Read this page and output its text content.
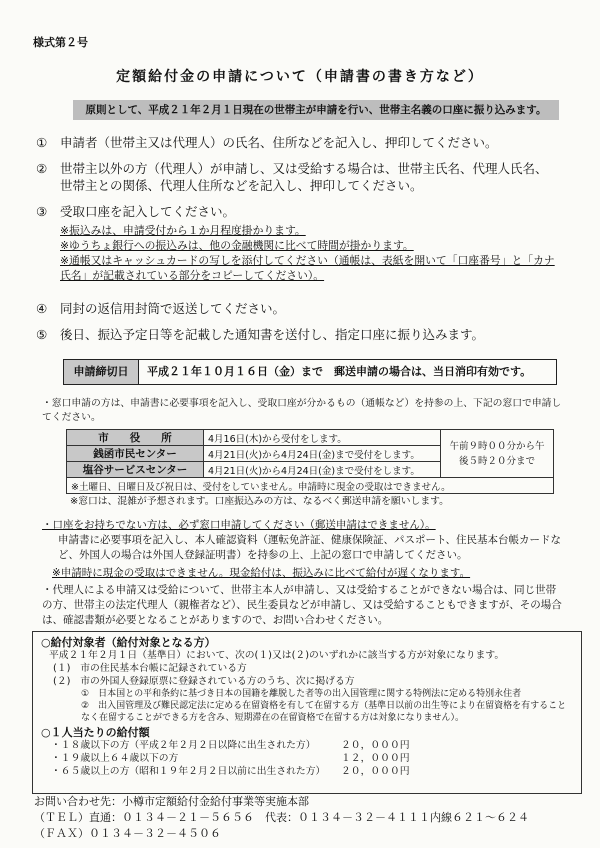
様式第２号
定額給付金の申請について（申請書の書き方など）
原則として、平成２１年２月１日現在の世帯主が申請を行い、世帯主名義の口座に振り込みます。
①	申請者（世帯主又は代理人）の氏名、住所などを記入し、押印してください。
②	世帯主以外の方（代理人）が申請し、又は受給する場合は、世帯主氏名、代理人氏名、世帯主との関係、代理人住所などを記入し、押印してください。
③	受取口座を記入してください。
※振込みは、申請受付から１か月程度掛かります。
※ゆうちょ銀行への振込みは、他の金融機関に比べて時間が掛かります。
※通帳又はキャッシュカードの写しを添付してください（通帳は、表紙を開いて「口座番号」と「カナ氏名」が記載されている部分をコピーしてください）。
④	同封の返信用封筒で返送してください。
⑤	後日、振込予定日等を記載した通知書を送付し、指定口座に振り込みます。
申請締切日	平成２１年１０月１６日（金）まで　郵送申請の場合は、当日消印有効です。
・窓口申請の方は、申請書に必要事項を記入し、受取口座が分かるもの（通帳など）を持参の上、下記の窓口で申請してください。
市　　役　　所	4月16日(木)から受付をします。	午前９時００分から午後５時２０分まで
銭函市民センター	4月21日(火)から4月24日(金)まで受付をします。	
塩谷サービスセンター	4月21日(火)から4月24日(金)まで受付をします。	
※土曜日、日曜日及び祝日は、受付をしていません。申請時に現金の受取はできません。		
※窓口は、混雑が予想されます。口座振込みの方は、なるべく郵送申請を願いします。
・口座をお持ちでない方は、必ず窓口申請してください（郵送申請はできません）。
申請書に必要事項を記入し、本人確認資料（運転免許証、健康保険証、パスポート、住民基本台帳カードなど、外国人の場合は外国人登録証明書）を持参の上、上記の窓口で申請してください。
※申請時に現金の受取はできません。現金給付は、振込みに比べて給付が遅くなります。
・代理人による申請又は受給について、世帯主本人が申請し、又は受給することができない場合は、同じ世帯の方、世帯主の法定代理人（親権者など）、民生委員などが申請し、又は受給することもできますが、その場合は、確認書類が必要となることがありますので、お問い合わせください。
○給付対象者（給付対象となる方）
平成２１年２月１日（基準日）において、次の(１)又は(２)のいずれかに該当する方が対象になります。
(１)　市の住民基本台帳に記録されている方
(２)　市の外国人登録原票に登録されている方のうち、次に掲げる方
①　日本国との平和条約に基づき日本の国籍を離脱した者等の出入国管理に関する特例法に定める特別永住者
②　出入国管理及び難民認定法に定める在留資格を有して在留する方（基準日以前の出生等により在留資格を有することなく在留することができる方を含み、短期滞在の在留資格で在留する方は対象になりません）。
○１人当たりの給付額
・１８歳以下の方（平成２年２月２日以降に出生された方）	２０，０００円
・１９歳以上６４歳以下の方	１２，０００円
・６５歳以上の方（昭和１９年２月２日以前に出生された方）	２０，０００円
お問い合わせ先：小樽市定額給付金給付事業等実施本部
（ＴＥＬ）直通：０１３４－２１－５６５６　代表：０１３４－３２－４１１１内線６２１～６２４
（ＦＡＸ）０１３４－３２－４５０６
